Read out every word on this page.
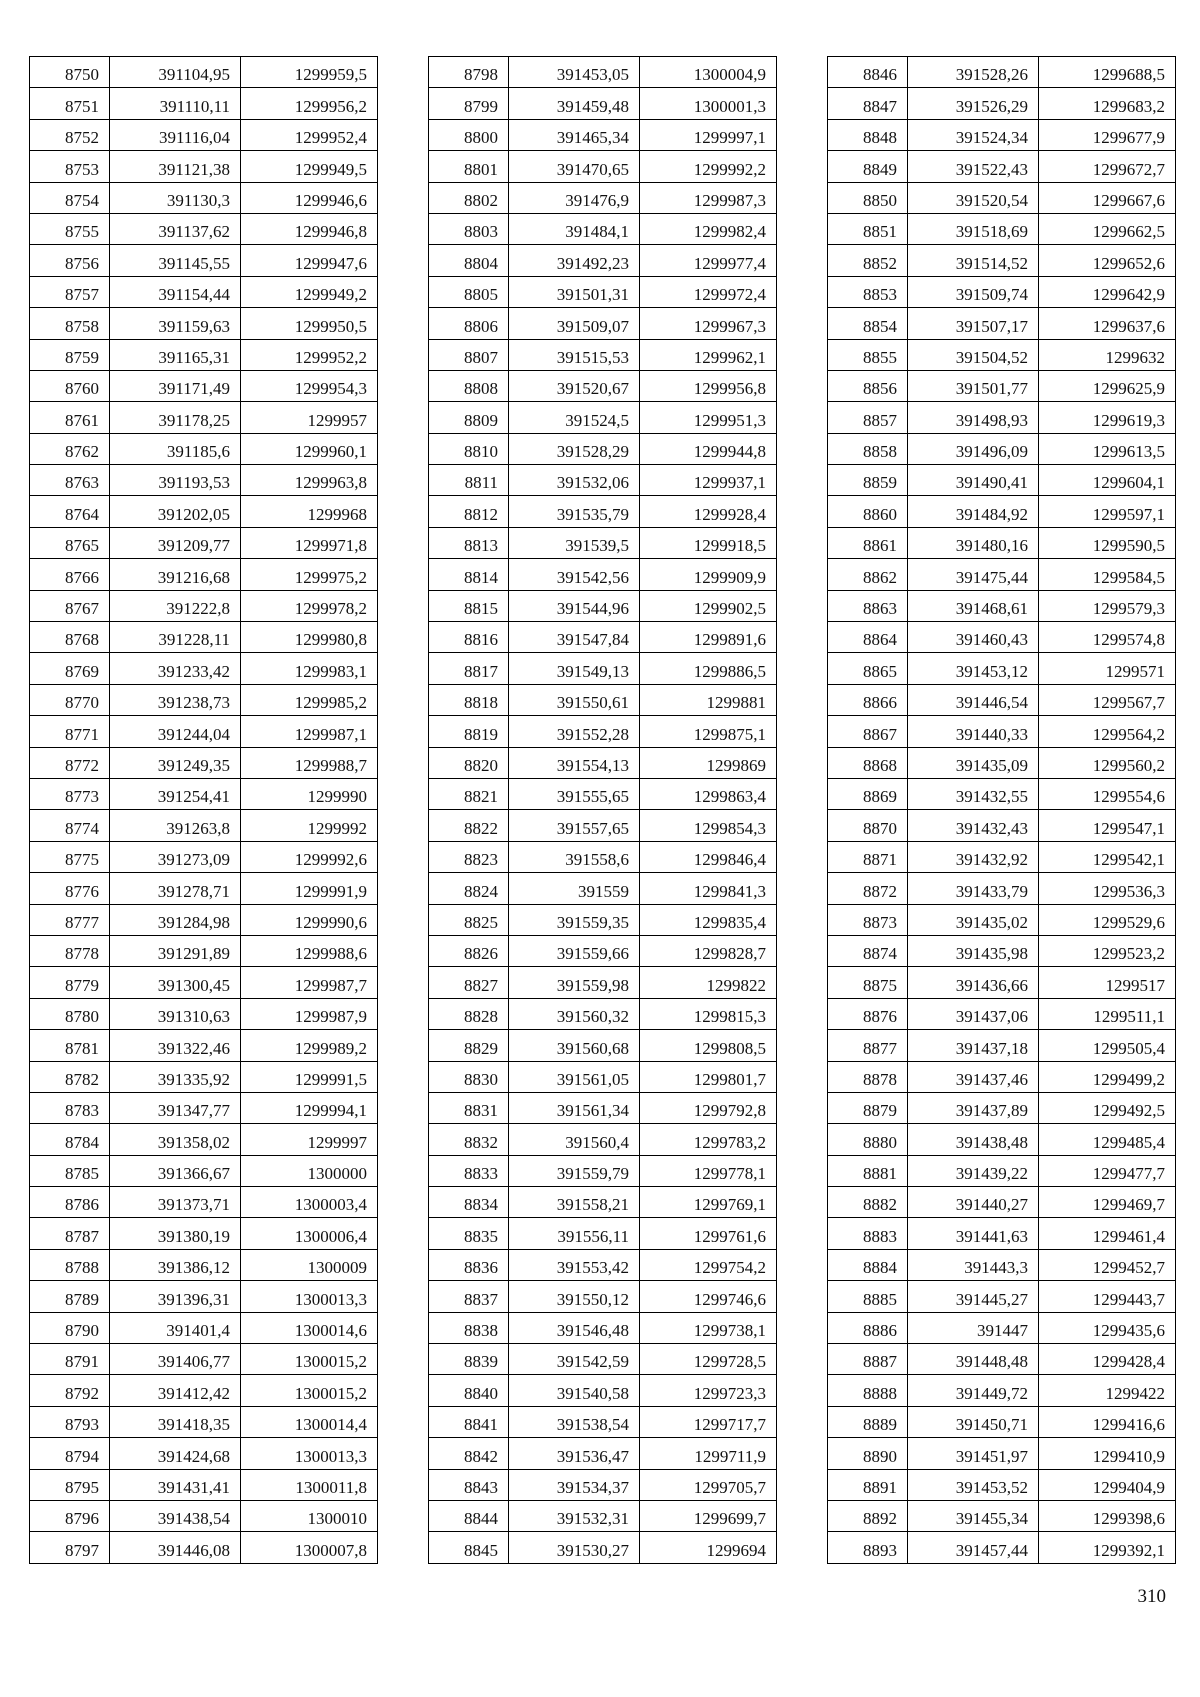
8750	391104,95	1299959,5
8751	391110,11	1299956,2
8752	391116,04	1299952,4
8753	391121,38	1299949,5
8754	391130,3	1299946,6
8755	391137,62	1299946,8
8756	391145,55	1299947,6
8757	391154,44	1299949,2
8758	391159,63	1299950,5
8759	391165,31	1299952,2
8760	391171,49	1299954,3
8761	391178,25	1299957
8762	391185,6	1299960,1
8763	391193,53	1299963,8
8764	391202,05	1299968
8765	391209,77	1299971,8
8766	391216,68	1299975,2
8767	391222,8	1299978,2
8768	391228,11	1299980,8
8769	391233,42	1299983,1
8770	391238,73	1299985,2
8771	391244,04	1299987,1
8772	391249,35	1299988,7
8773	391254,41	1299990
8774	391263,8	1299992
8775	391273,09	1299992,6
8776	391278,71	1299991,9
8777	391284,98	1299990,6
8778	391291,89	1299988,6
8779	391300,45	1299987,7
8780	391310,63	1299987,9
8781	391322,46	1299989,2
8782	391335,92	1299991,5
8783	391347,77	1299994,1
8784	391358,02	1299997
8785	391366,67	1300000
8786	391373,71	1300003,4
8787	391380,19	1300006,4
8788	391386,12	1300009
8789	391396,31	1300013,3
8790	391401,4	1300014,6
8791	391406,77	1300015,2
8792	391412,42	1300015,2
8793	391418,35	1300014,4
8794	391424,68	1300013,3
8795	391431,41	1300011,8
8796	391438,54	1300010
8797	391446,08	1300007,8
8798	391453,05	1300004,9
8799	391459,48	1300001,3
8800	391465,34	1299997,1
8801	391470,65	1299992,2
8802	391476,9	1299987,3
8803	391484,1	1299982,4
8804	391492,23	1299977,4
8805	391501,31	1299972,4
8806	391509,07	1299967,3
8807	391515,53	1299962,1
8808	391520,67	1299956,8
8809	391524,5	1299951,3
8810	391528,29	1299944,8
8811	391532,06	1299937,1
8812	391535,79	1299928,4
8813	391539,5	1299918,5
8814	391542,56	1299909,9
8815	391544,96	1299902,5
8816	391547,84	1299891,6
8817	391549,13	1299886,5
8818	391550,61	1299881
8819	391552,28	1299875,1
8820	391554,13	1299869
8821	391555,65	1299863,4
8822	391557,65	1299854,3
8823	391558,6	1299846,4
8824	391559	1299841,3
8825	391559,35	1299835,4
8826	391559,66	1299828,7
8827	391559,98	1299822
8828	391560,32	1299815,3
8829	391560,68	1299808,5
8830	391561,05	1299801,7
8831	391561,34	1299792,8
8832	391560,4	1299783,2
8833	391559,79	1299778,1
8834	391558,21	1299769,1
8835	391556,11	1299761,6
8836	391553,42	1299754,2
8837	391550,12	1299746,6
8838	391546,48	1299738,1
8839	391542,59	1299728,5
8840	391540,58	1299723,3
8841	391538,54	1299717,7
8842	391536,47	1299711,9
8843	391534,37	1299705,7
8844	391532,31	1299699,7
8845	391530,27	1299694
8846	391528,26	1299688,5
8847	391526,29	1299683,2
8848	391524,34	1299677,9
8849	391522,43	1299672,7
8850	391520,54	1299667,6
8851	391518,69	1299662,5
8852	391514,52	1299652,6
8853	391509,74	1299642,9
8854	391507,17	1299637,6
8855	391504,52	1299632
8856	391501,77	1299625,9
8857	391498,93	1299619,3
8858	391496,09	1299613,5
8859	391490,41	1299604,1
8860	391484,92	1299597,1
8861	391480,16	1299590,5
8862	391475,44	1299584,5
8863	391468,61	1299579,3
8864	391460,43	1299574,8
8865	391453,12	1299571
8866	391446,54	1299567,7
8867	391440,33	1299564,2
8868	391435,09	1299560,2
8869	391432,55	1299554,6
8870	391432,43	1299547,1
8871	391432,92	1299542,1
8872	391433,79	1299536,3
8873	391435,02	1299529,6
8874	391435,98	1299523,2
8875	391436,66	1299517
8876	391437,06	1299511,1
8877	391437,18	1299505,4
8878	391437,46	1299499,2
8879	391437,89	1299492,5
8880	391438,48	1299485,4
8881	391439,22	1299477,7
8882	391440,27	1299469,7
8883	391441,63	1299461,4
8884	391443,3	1299452,7
8885	391445,27	1299443,7
8886	391447	1299435,6
8887	391448,48	1299428,4
8888	391449,72	1299422
8889	391450,71	1299416,6
8890	391451,97	1299410,9
8891	391453,52	1299404,9
8892	391455,34	1299398,6
8893	391457,44	1299392,1
310
